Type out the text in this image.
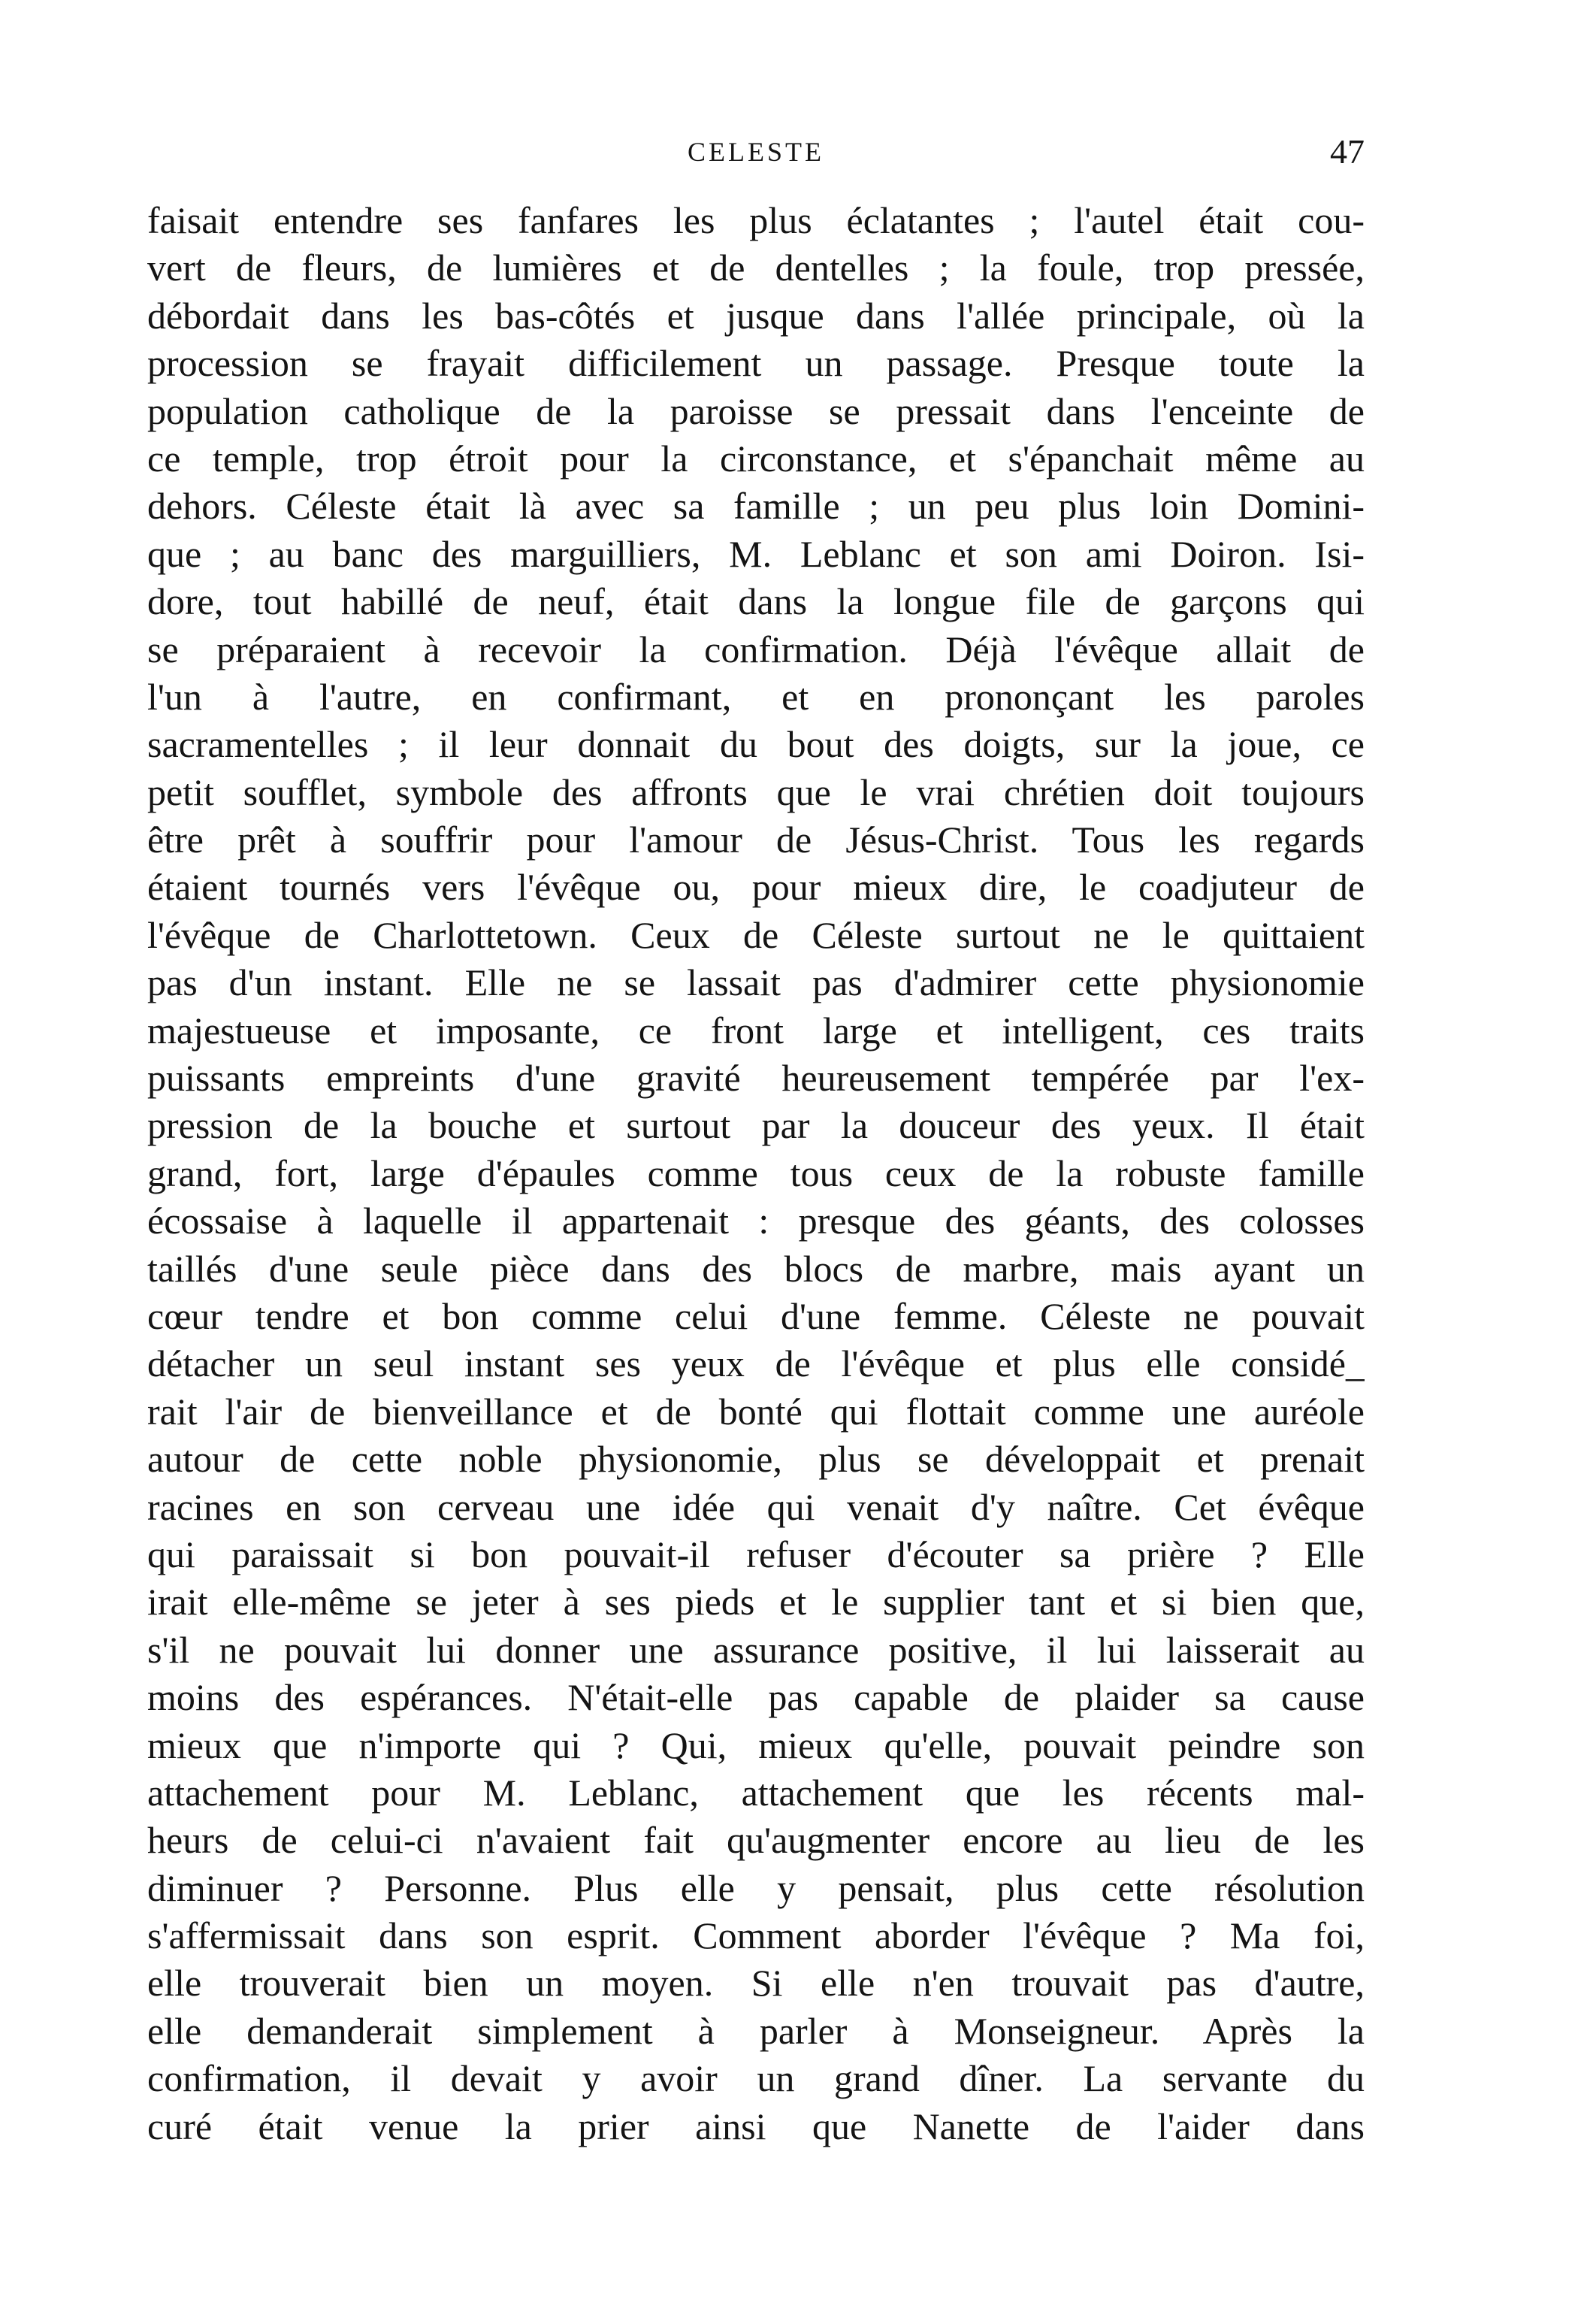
CELESTE	47
faisait entendre ses fanfares les plus éclatantes ; l'autel était cou-
vert de fleurs, de lumières et de dentelles ; la foule, trop pressée,
débordait dans les bas-côtés et jusque dans l'allée principale, où la
procession se frayait difficilement un passage. Presque toute la
population catholique de la paroisse se pressait dans l'enceinte de
ce temple, trop étroit pour la circonstance, et s'épanchait même au
dehors. Céleste était là avec sa famille ; un peu plus loin Domini-
que ; au banc des marguilliers, M. Leblanc et son ami Doiron. Isi-
dore, tout habillé de neuf, était dans la longue file de garçons qui
se préparaient à recevoir la confirmation. Déjà l'évêque allait de
l'un à l'autre, en confirmant, et en prononçant les paroles
sacramentelles ; il leur donnait du bout des doigts, sur la joue, ce
petit soufflet, symbole des affronts que le vrai chrétien doit toujours
être prêt à souffrir pour l'amour de Jésus-Christ. Tous les regards
étaient tournés vers l'évêque ou, pour mieux dire, le coadjuteur de
l'évêque de Charlottetown. Ceux de Céleste surtout ne le quittaient
pas d'un instant. Elle ne se lassait pas d'admirer cette physionomie
majestueuse et imposante, ce front large et intelligent, ces traits
puissants empreints d'une gravité heureusement tempérée par l'ex-
pression de la bouche et surtout par la douceur des yeux. Il était
grand, fort, large d'épaules comme tous ceux de la robuste famille
écossaise à laquelle il appartenait : presque des géants, des colosses
taillés d'une seule pièce dans des blocs de marbre, mais ayant un
cœur tendre et bon comme celui d'une femme. Céleste ne pouvait
détacher un seul instant ses yeux de l'évêque et plus elle considé_
rait l'air de bienveillance et de bonté qui flottait comme une auréole
autour de cette noble physionomie, plus se développait et prenait
racines en son cerveau une idée qui venait d'y naître. Cet évêque
qui paraissait si bon pouvait-il refuser d'écouter sa prière ? Elle
irait elle-même se jeter à ses pieds et le supplier tant et si bien que,
s'il ne pouvait lui donner une assurance positive, il lui laisserait au
moins des espérances. N'était-elle pas capable de plaider sa cause
mieux que n'importe qui ? Qui, mieux qu'elle, pouvait peindre son
attachement pour M. Leblanc, attachement que les récents mal-
heurs de celui-ci n'avaient fait qu'augmenter encore au lieu de les
diminuer ? Personne. Plus elle y pensait, plus cette résolution
s'affermissait dans son esprit. Comment aborder l'évêque ? Ma foi,
elle trouverait bien un moyen. Si elle n'en trouvait pas d'autre,
elle demanderait simplement à parler à Monseigneur. Après la
confirmation, il devait y avoir un grand dîner. La servante du
curé était venue la prier ainsi que Nanette de l'aider dans
